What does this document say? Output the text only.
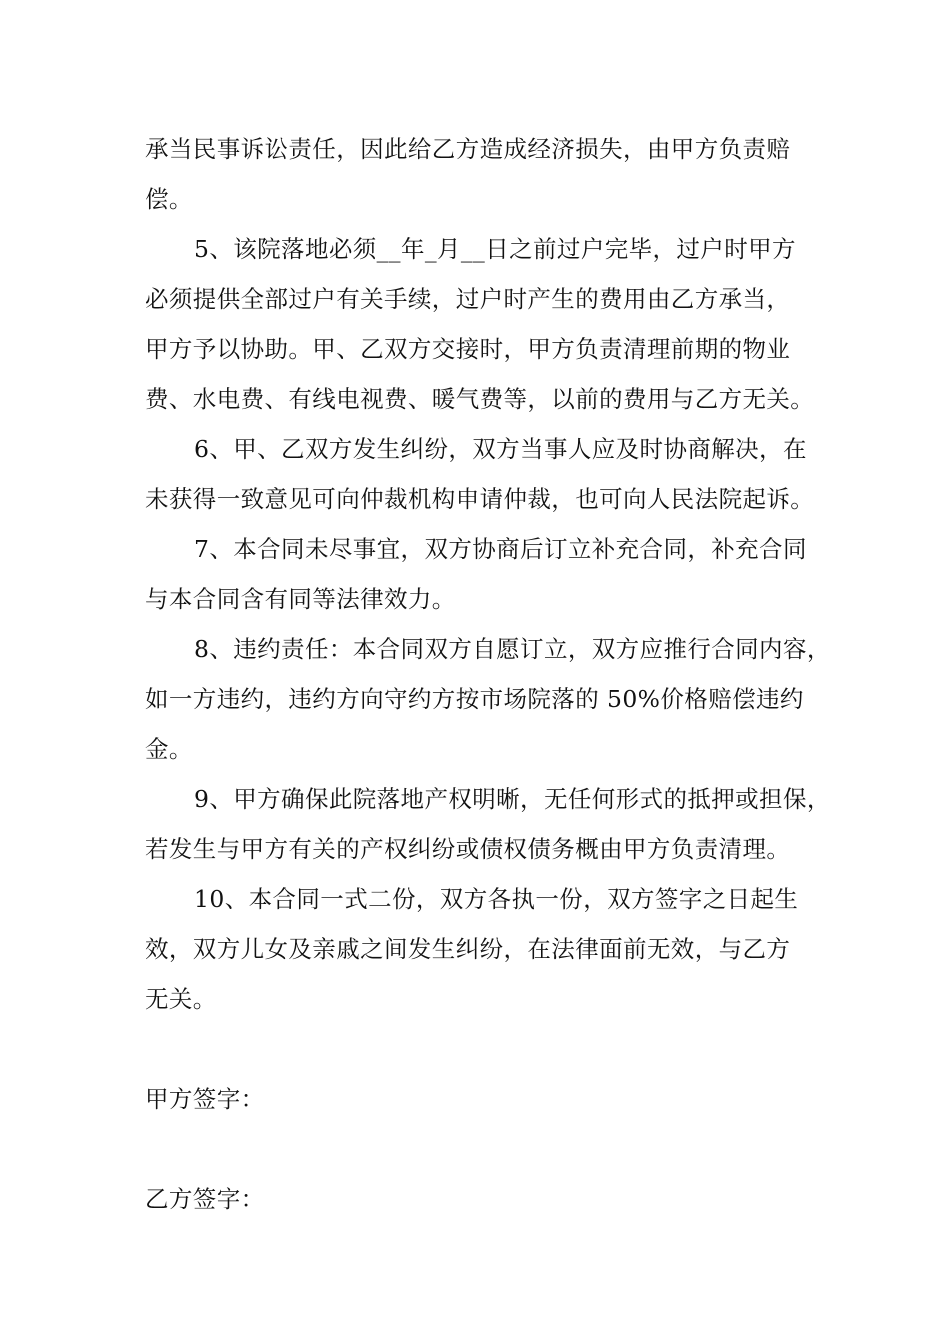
承当民事诉讼责任，因此给乙方造成经济损失，由甲方负责赔
偿。
5、该院落地必须__年_月__日之前过户完毕，过户时甲方
必须提供全部过户有关手续，过户时产生的费用由乙方承当，
甲方予以协助。甲、乙双方交接时，甲方负责清理前期的物业
费、水电费、有线电视费、暖气费等，以前的费用与乙方无关。
6、甲、乙双方发生纠纷，双方当事人应及时协商解决，在
未获得一致意见可向仲裁机构申请仲裁，也可向人民法院起诉。
7、本合同未尽事宜，双方协商后订立补充合同，补充合同
与本合同含有同等法律效力。
8、违约责任：本合同双方自愿订立，双方应推行合同内容，
如一方违约，违约方向守约方按市场院落的 50%价格赔偿违约
金。
9、甲方确保此院落地产权明晰，无任何形式的抵押或担保，
若发生与甲方有关的产权纠纷或债权债务概由甲方负责清理。
10、本合同一式二份，双方各执一份，双方签字之日起生
效，双方儿女及亲戚之间发生纠纷，在法律面前无效，与乙方
无关。
甲方签字：
乙方签字：
